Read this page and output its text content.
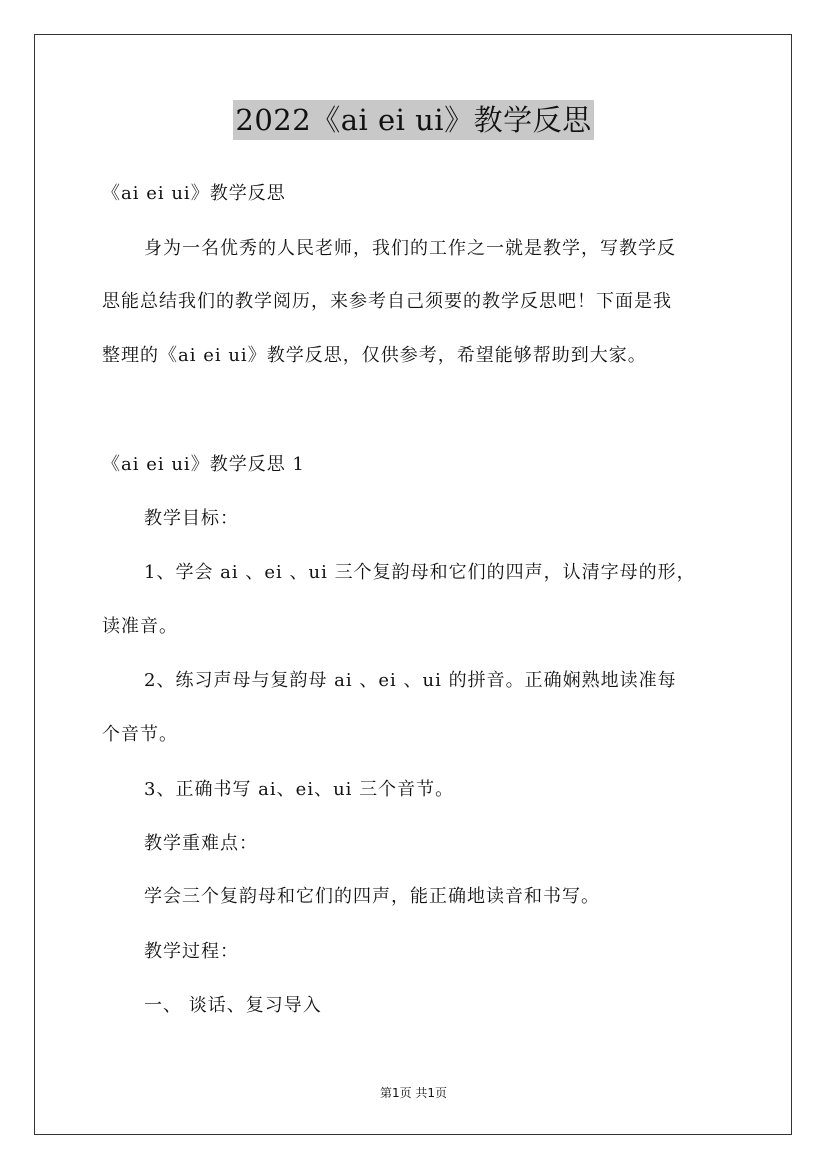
2022《ai ei ui》教学反思
《ai ei ui》教学反思
身为一名优秀的人民老师，我们的工作之一就是教学，写教学反
思能总结我们的教学阅历，来参考自己须要的教学反思吧！下面是我
整理的《ai ei ui》教学反思，仅供参考，希望能够帮助到大家。
《ai ei ui》教学反思 1
教学目标：
1、学会 ai 、ei 、ui 三个复韵母和它们的四声，认清字母的形，
读准音。
2、练习声母与复韵母 ai 、ei 、ui 的拼音。正确娴熟地读准每
个音节。
3、正确书写 ai、ei、ui 三个音节。
教学重难点：
学会三个复韵母和它们的四声，能正确地读音和书写。
教学过程：
一、 谈话、复习导入
第1页 共1页
